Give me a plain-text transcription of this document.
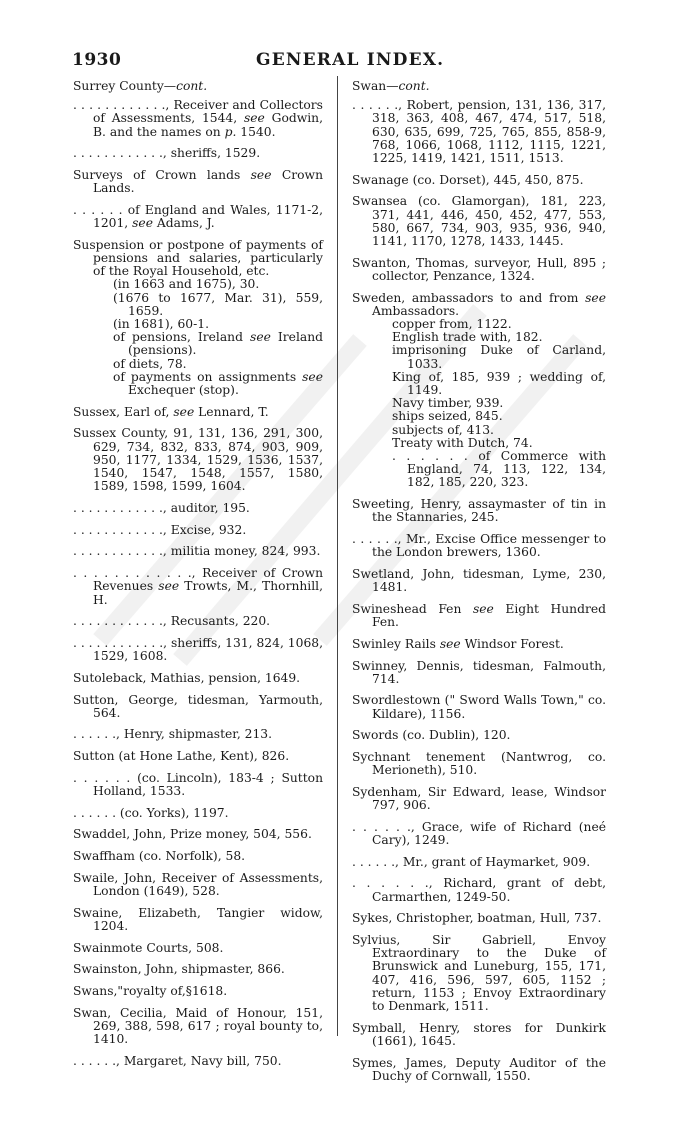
1930	GENERAL INDEX.
Surrey County—cont.
. . . . . . . . . . . ., Receiver and Collectors of Assessments, 1544, see Godwin, B. and the names on p. 1540.
. . . . . . . . . . . ., sheriffs, 1529.
Surveys of Crown lands see Crown Lands.
. . . . . . of England and Wales, 1171-2, 1201, see Adams, J.
Suspension or postpone of payments of pensions and salaries, particularly of the Royal Household, etc.
(in 1663 and 1675), 30.
(1676 to 1677, Mar. 31), 559, 1659.
(in 1681), 60-1.
of pensions, Ireland see Ireland (pensions).
of diets, 78.
of payments on assignments see Exchequer (stop).
Sussex, Earl of, see Lennard, T.
Sussex County, 91, 131, 136, 291, 300, 629, 734, 832, 833, 874, 903, 909, 950, 1177, 1334, 1529, 1536, 1537, 1540, 1547, 1548, 1557, 1580, 1589, 1598, 1599, 1604.
. . . . . . . . . . . ., auditor, 195.
. . . . . . . . . . . ., Excise, 932.
. . . . . . . . . . . ., militia money, 824, 993.
. . . . . . . . . . . ., Receiver of Crown Revenues see Trowts, M., Thornhill, H.
. . . . . . . . . . . ., Recusants, 220.
. . . . . . . . . . . ., sheriffs, 131, 824, 1068, 1529, 1608.
Sutoleback, Mathias, pension, 1649.
Sutton, George, tidesman, Yarmouth, 564.
. . . . . ., Henry, shipmaster, 213.
Sutton (at Hone Lathe, Kent), 826.
. . . . . . (co. Lincoln), 183-4 ; Sutton Holland, 1533.
. . . . . . (co. Yorks), 1197.
Swaddel, John, Prize money, 504, 556.
Swaffham (co. Norfolk), 58.
Swaile, John, Receiver of Assessments, London (1649), 528.
Swaine, Elizabeth, Tangier widow, 1204.
Swainmote Courts, 508.
Swainston, John, shipmaster, 866.
Swans,"royalty of,§1618.
Swan, Cecilia, Maid of Honour, 151, 269, 388, 598, 617 ; royal bounty to, 1410.
. . . . . ., Margaret, Navy bill, 750.
Swan—cont.
. . . . . ., Robert, pension, 131, 136, 317, 318, 363, 408, 467, 474, 517, 518, 630, 635, 699, 725, 765, 855, 858-9, 768, 1066, 1068, 1112, 1115, 1221, 1225, 1419, 1421, 1511, 1513.
Swanage (co. Dorset), 445, 450, 875.
Swansea (co. Glamorgan), 181, 223, 371, 441, 446, 450, 452, 477, 553, 580, 667, 734, 903, 935, 936, 940, 1141, 1170, 1278, 1433, 1445.
Swanton, Thomas, surveyor, Hull, 895 ; collector, Penzance, 1324.
Sweden, ambassadors to and from see Ambassadors.
copper from, 1122.
English trade with, 182.
imprisoning Duke of Carland, 1033.
King of, 185, 939 ; wedding of, 1149.
Navy timber, 939.
ships seized, 845.
subjects of, 413.
Treaty with Dutch, 74.
. . . . . . of Commerce with England, 74, 113, 122, 134, 182, 185, 220, 323.
Sweeting, Henry, assaymaster of tin in the Stannaries, 245.
. . . . . ., Mr., Excise Office messenger to the London brewers, 1360.
Swetland, John, tidesman, Lyme, 230, 1481.
Swineshead Fen see Eight Hundred Fen.
Swinley Rails see Windsor Forest.
Swinney, Dennis, tidesman, Falmouth, 714.
Swordlestown (" Sword Walls Town," co. Kildare), 1156.
Swords (co. Dublin), 120.
Sychnant tenement (Nantwrog, co. Merioneth), 510.
Sydenham, Sir Edward, lease, Windsor 797, 906.
. . . . . ., Grace, wife of Richard (neé Cary), 1249.
. . . . . ., Mr., grant of Haymarket, 909.
. . . . . ., Richard, grant of debt, Carmarthen, 1249-50.
Sykes, Christopher, boatman, Hull, 737.
Sylvius, Sir Gabriell, Envoy Extraordinary to the Duke of Brunswick and Luneburg, 155, 171, 407, 416, 596, 597, 605, 1152 ; return, 1153 ; Envoy Extraordinary to Denmark, 1511.
Symball, Henry, stores for Dunkirk (1661), 1645.
Symes, James, Deputy Auditor of the Duchy of Cornwall, 1550.
